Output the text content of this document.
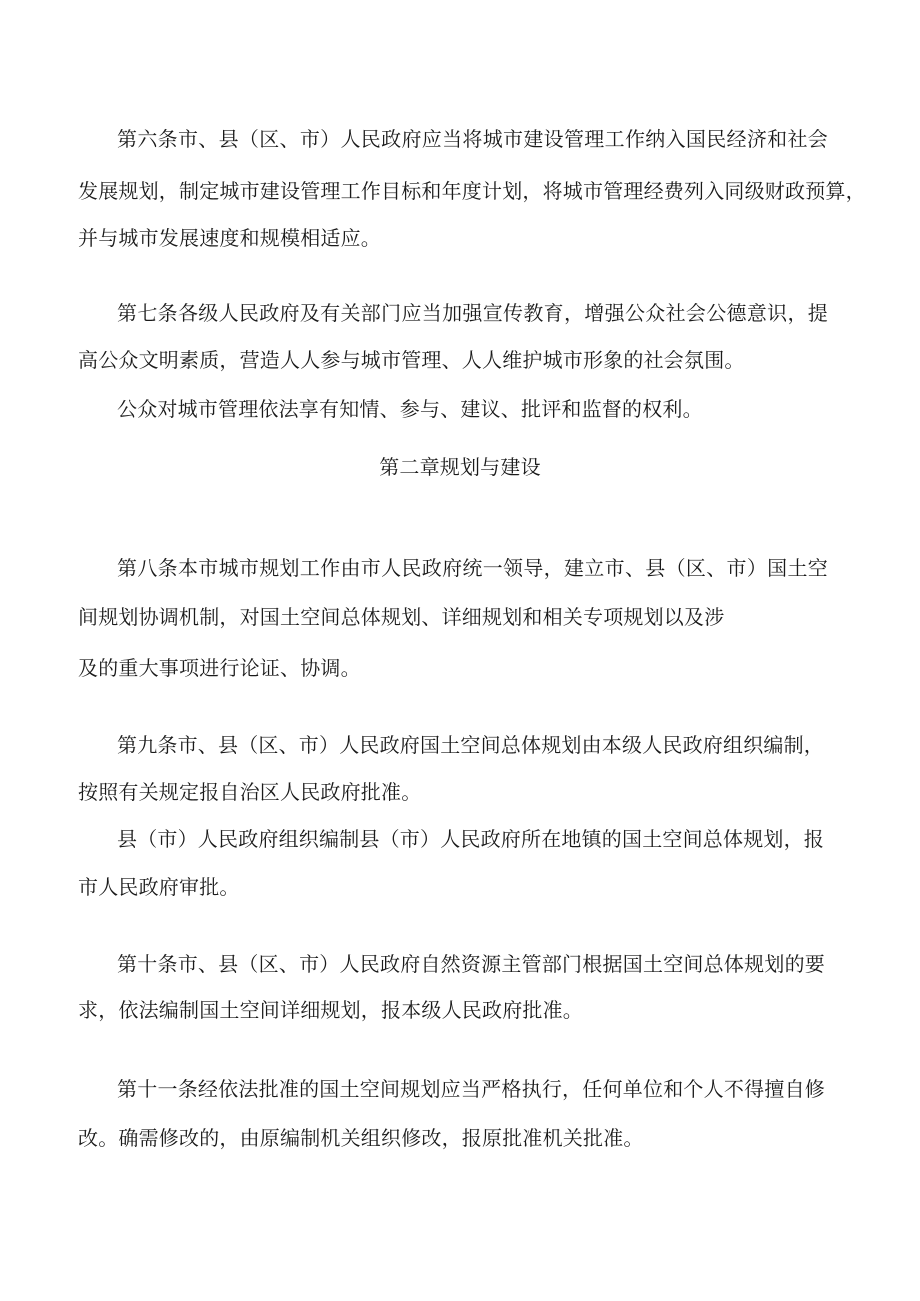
第六条市、县（区、市）人民政府应当将城市建设管理工作纳入国民经济和社会
发展规划，制定城市建设管理工作目标和年度计划，将城市管理经费列入同级财政预算，
并与城市发展速度和规模相适应。
第七条各级人民政府及有关部门应当加强宣传教育，增强公众社会公德意识，提
高公众文明素质，营造人人参与城市管理、人人维护城市形象的社会氛围。
公众对城市管理依法享有知情、参与、建议、批评和监督的权利。
第二章规划与建设
第八条本市城市规划工作由市人民政府统一领导，建立市、县（区、市）国土空
间规划协调机制，对国土空间总体规划、详细规划和相关专项规划以及涉
及的重大事项进行论证、协调。
第九条市、县（区、市）人民政府国土空间总体规划由本级人民政府组织编制，
按照有关规定报自治区人民政府批准。
县（市）人民政府组织编制县（市）人民政府所在地镇的国土空间总体规划，报
市人民政府审批。
第十条市、县（区、市）人民政府自然资源主管部门根据国土空间总体规划的要
求，依法编制国土空间详细规划，报本级人民政府批准。
第十一条经依法批准的国土空间规划应当严格执行，任何单位和个人不得擅自修
改。确需修改的，由原编制机关组织修改，报原批准机关批准。
